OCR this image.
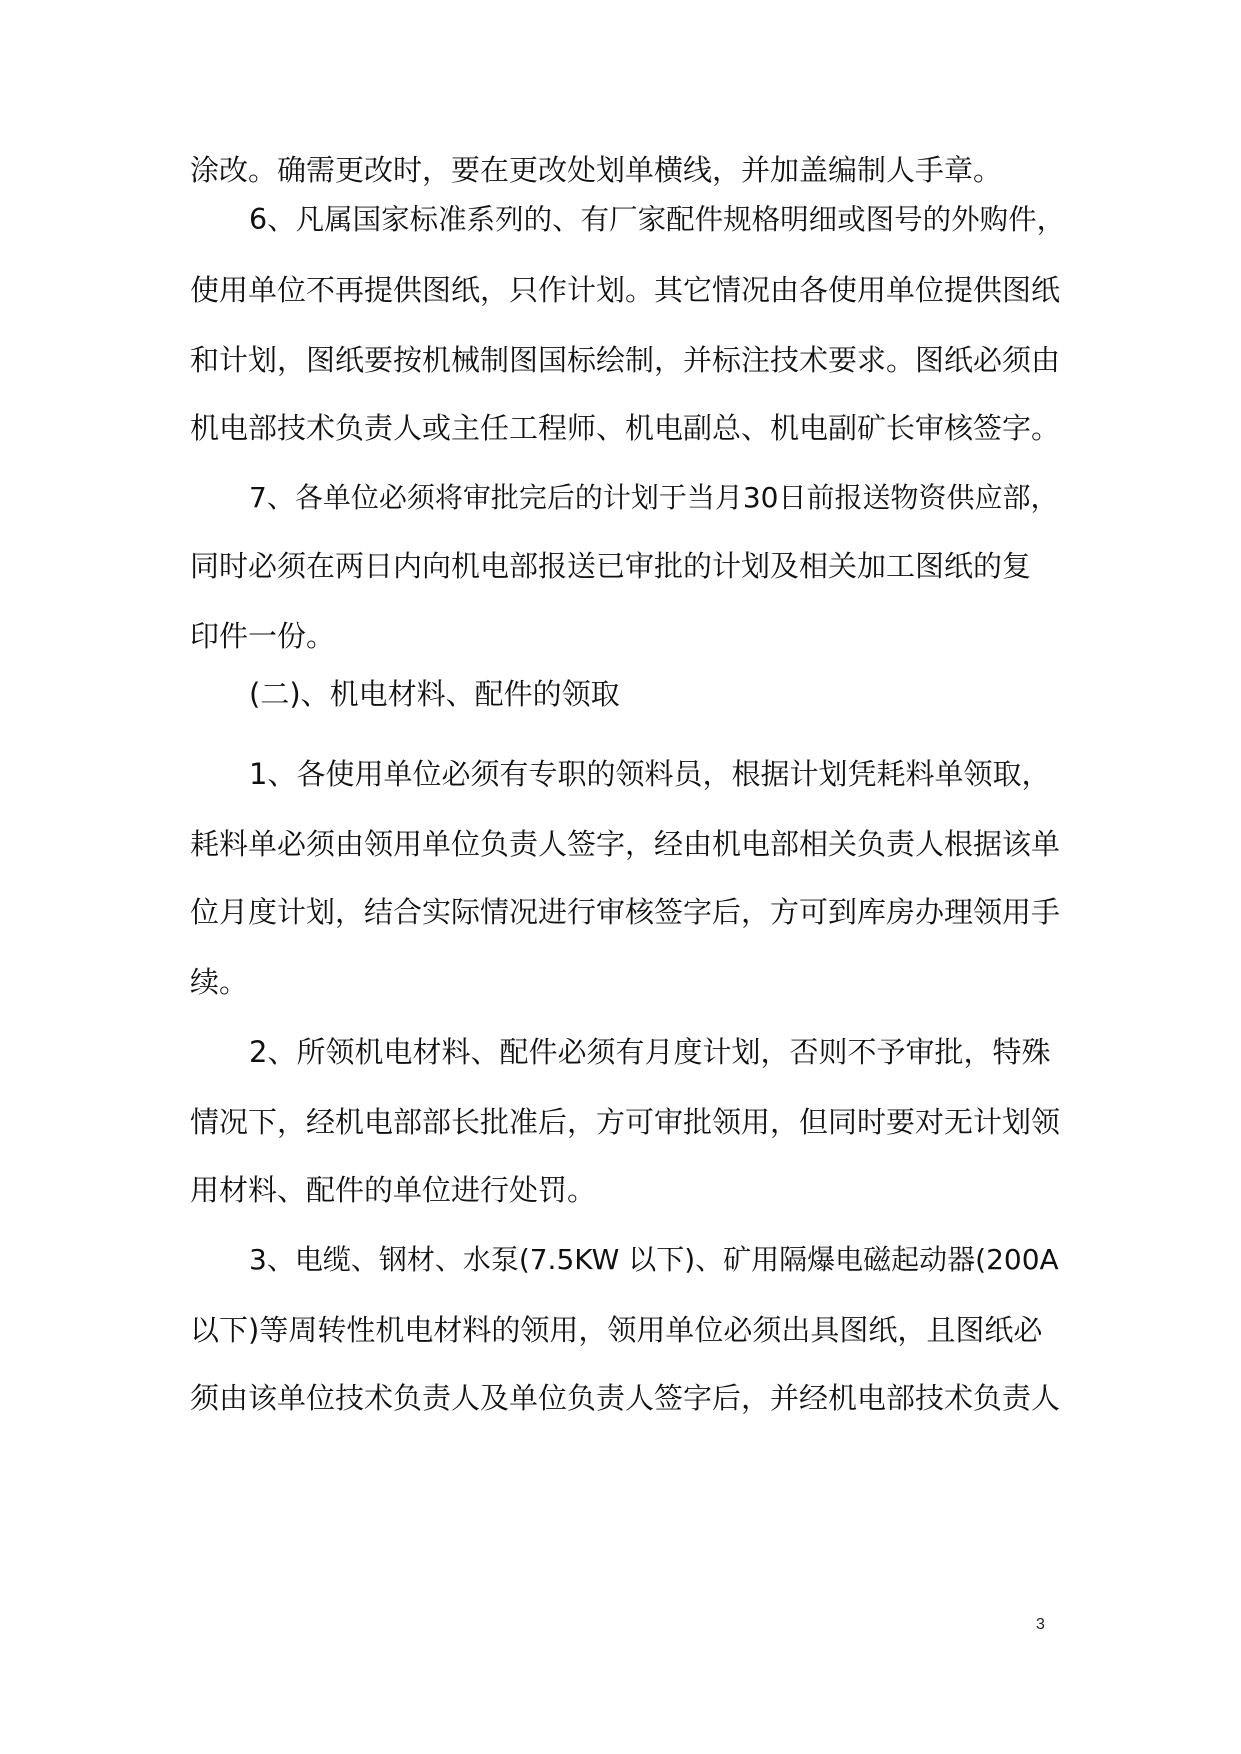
涂改。确需更改时，要在更改处划单横线，并加盖编制人手章。
6、凡属国家标准系列的、有厂家配件规格明细或图号的外购件，
使用单位不再提供图纸，只作计划。其它情况由各使用单位提供图纸
和计划，图纸要按机械制图国标绘制，并标注技术要求。图纸必须由
机电部技术负责人或主任工程师、机电副总、机电副矿长审核签字。
7、各单位必须将审批完后的计划于当月30日前报送物资供应部，
同时必须在两日内向机电部报送已审批的计划及相关加工图纸的复
印件一份。
(二)、机电材料、配件的领取
1、各使用单位必须有专职的领料员，根据计划凭耗料单领取，
耗料单必须由领用单位负责人签字，经由机电部相关负责人根据该单
位月度计划，结合实际情况进行审核签字后，方可到库房办理领用手
续。
2、所领机电材料、配件必须有月度计划，否则不予审批，特殊
情况下，经机电部部长批准后，方可审批领用，但同时要对无计划领
用材料、配件的单位进行处罚。
3、电缆、钢材、水泵(7.5KW 以下)、矿用隔爆电磁起动器(200A
以下)等周转性机电材料的领用，领用单位必须出具图纸，且图纸必
须由该单位技术负责人及单位负责人签字后，并经机电部技术负责人
3
